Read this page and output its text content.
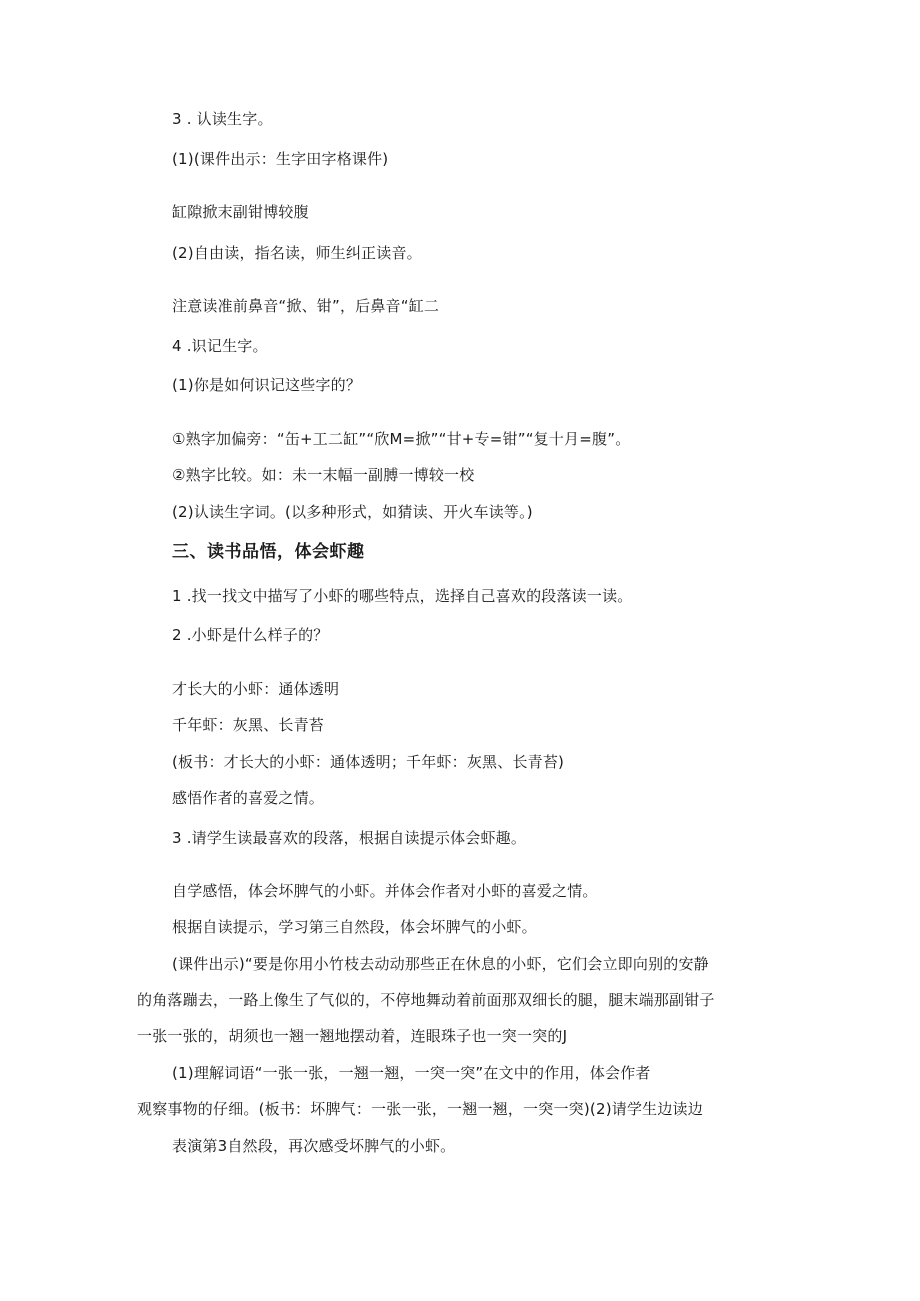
3 . 认读生字。
(1)(课件出示：生字田字格课件)
缸隙掀末副钳博较腹
(2)自由读，指名读，师生纠正读音。
注意读准前鼻音“掀、钳”，后鼻音“缸二
4 .识记生字。
(1)你是如何识记这些字的？
①熟字加偏旁：“缶+工二缸”“欣M=掀”“甘+专=钳”“复十月=腹”。
②熟字比较。如：未一末幅一副膊一博较一校
(2)认读生字词。(以多种形式，如猜读、开火车读等。)
三、读书品悟，体会虾趣
1 .找一找文中描写了小虾的哪些特点，选择自己喜欢的段落读一读。
2 .小虾是什么样子的？
才长大的小虾：通体透明
千年虾：灰黑、长青苔
(板书：才长大的小虾：通体透明；千年虾：灰黑、长青苔)
感悟作者的喜爱之情。
3 .请学生读最喜欢的段落，根据自读提示体会虾趣。
自学感悟，体会坏脾气的小虾。并体会作者对小虾的喜爱之情。
根据自读提示，学习第三自然段，体会坏脾气的小虾。
(课件出示)“要是你用小竹枝去动动那些正在休息的小虾，它们会立即向别的安静
的角落蹦去，一路上像生了气似的，不停地舞动着前面那双细长的腿，腿末端那副钳子
一张一张的，胡须也一翘一翘地摆动着，连眼珠子也一突一突的J
(1)理解词语“一张一张，一翘一翘，一突一突”在文中的作用，体会作者
观察事物的仔细。(板书：坏脾气：一张一张，一翘一翘，一突一突)(2)请学生边读边
表演第3自然段，再次感受坏脾气的小虾。
